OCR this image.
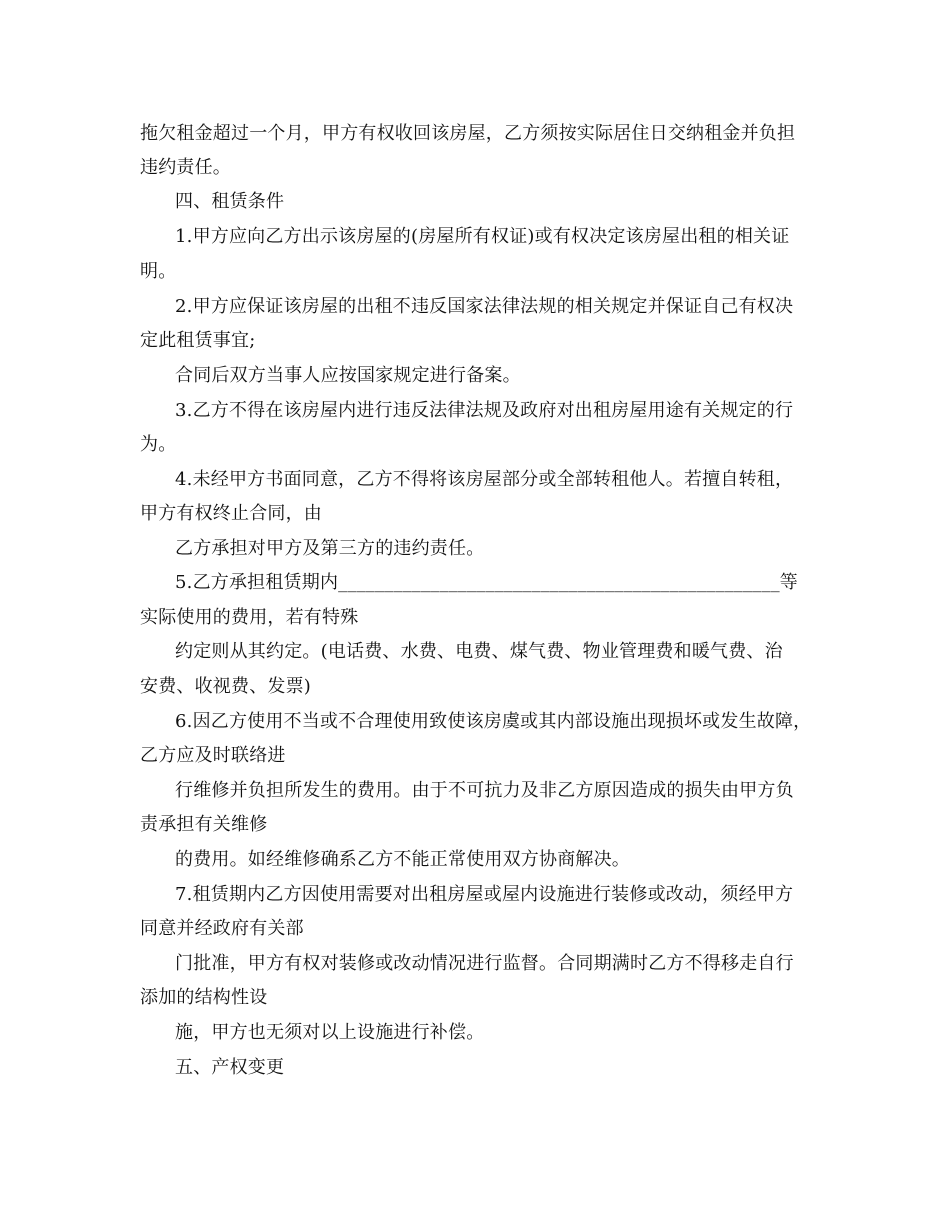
拖欠租金超过一个月，甲方有权收回该房屋，乙方须按实际居住日交纳租金并负担
违约责任。
四、租赁条件
1.甲方应向乙方出示该房屋的(房屋所有权证)或有权决定该房屋出租的相关证
明。
2.甲方应保证该房屋的出租不违反国家法律法规的相关规定并保证自己有权决
定此租赁事宜;
合同后双方当事人应按国家规定进行备案。
3.乙方不得在该房屋内进行违反法律法规及政府对出租房屋用途有关规定的行
为。
4.未经甲方书面同意，乙方不得将该房屋部分或全部转租他人。若擅自转租，
甲方有权终止合同，由
乙方承担对甲方及第三方的违约责任。
5.乙方承担租赁期内________________________________________________等
实际使用的费用，若有特殊
约定则从其约定。(电话费、水费、电费、煤气费、物业管理费和暖气费、治
安费、收视费、发票)
6.因乙方使用不当或不合理使用致使该房虞或其内部设施出现损坏或发生故障，
乙方应及时联络进
行维修并负担所发生的费用。由于不可抗力及非乙方原因造成的损失由甲方负
责承担有关维修
的费用。如经维修确系乙方不能正常使用双方协商解决。
7.租赁期内乙方因使用需要对出租房屋或屋内设施进行装修或改动，须经甲方
同意并经政府有关部
门批准，甲方有权对装修或改动情况进行监督。合同期满时乙方不得移走自行
添加的结构性设
施，甲方也无须对以上设施进行补偿。
五、产权变更
